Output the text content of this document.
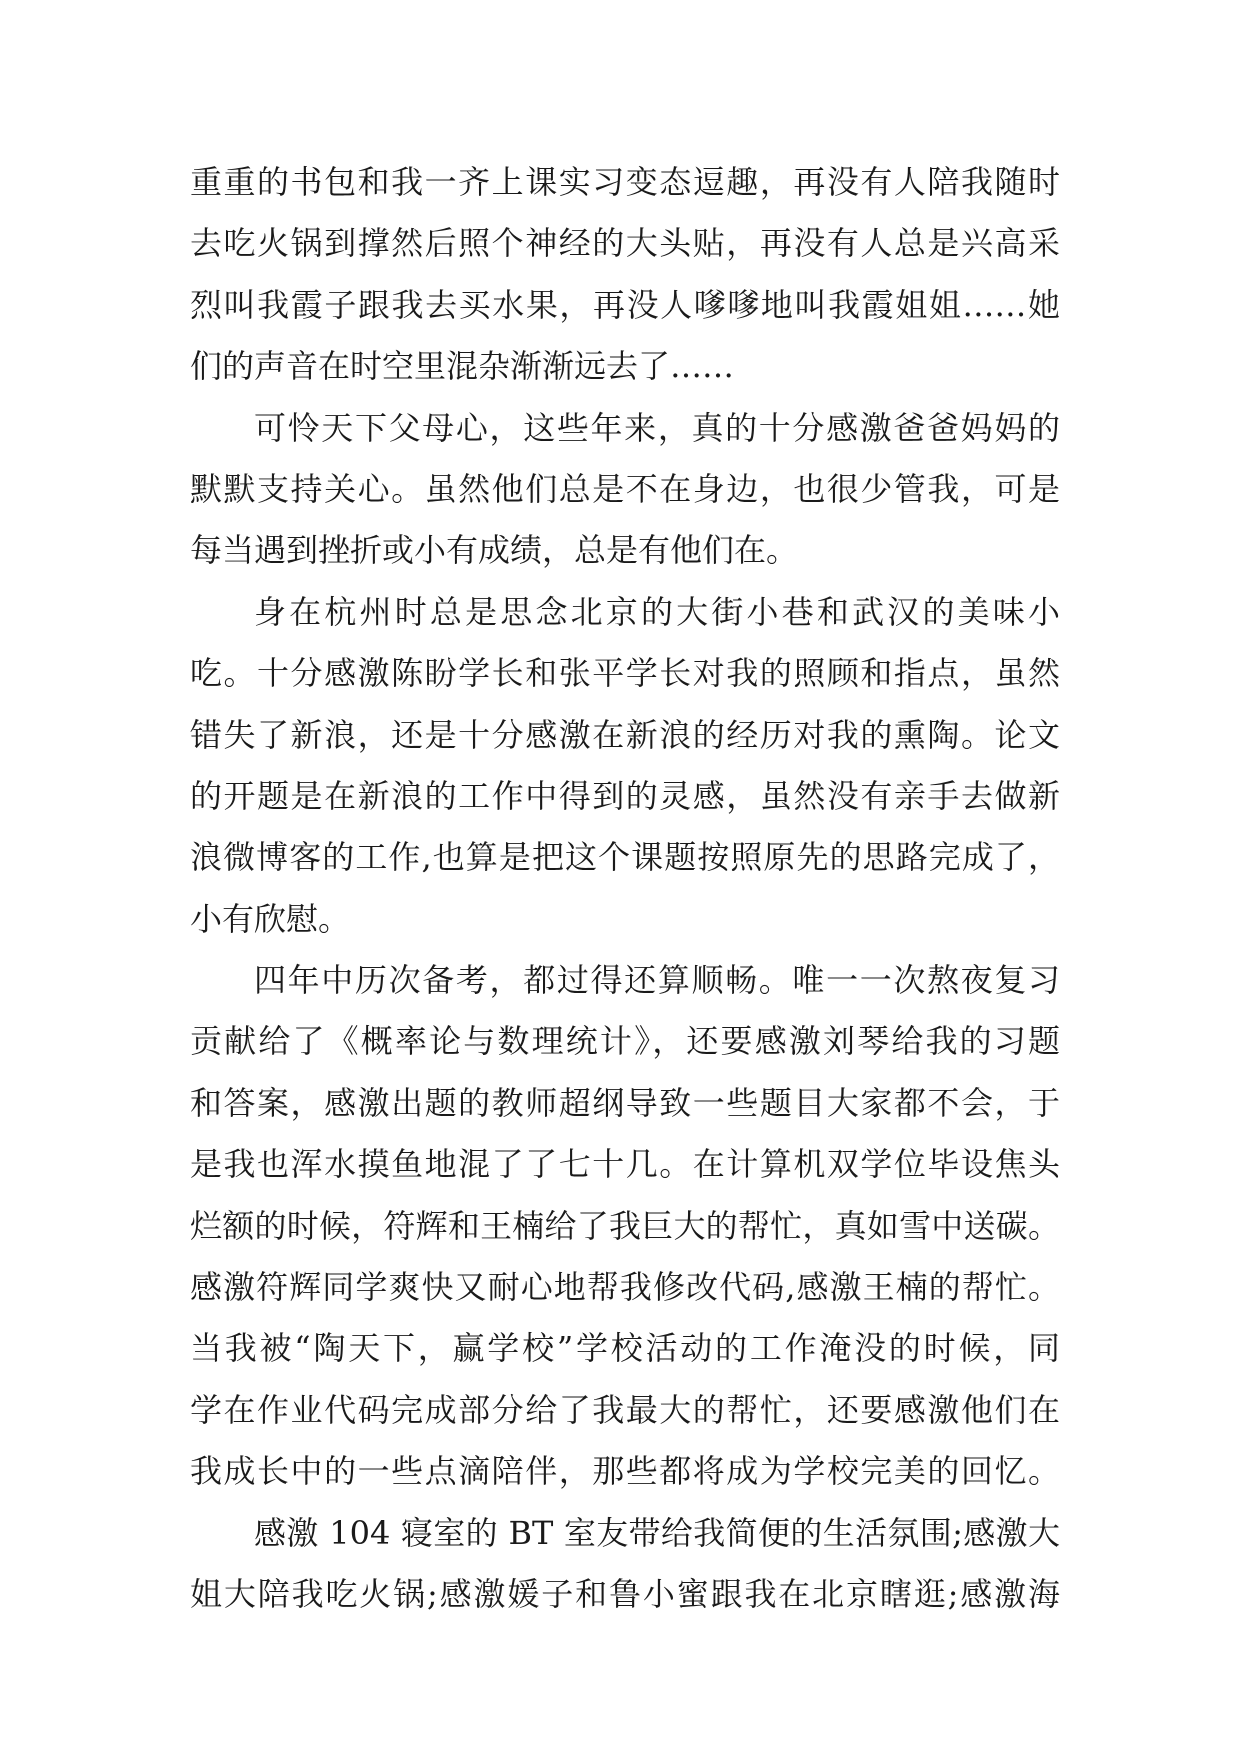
重重的书包和我一齐上课实习变态逗趣，再没有人陪我随时
去吃火锅到撑然后照个神经的大头贴，再没有人总是兴高采
烈叫我霞子跟我去买水果，再没人嗲嗲地叫我霞姐姐……她
们的声音在时空里混杂渐渐远去了……
可怜天下父母心，这些年来，真的十分感激爸爸妈妈的
默默支持关心。虽然他们总是不在身边，也很少管我，可是
每当遇到挫折或小有成绩，总是有他们在。
身在杭州时总是思念北京的大街小巷和武汉的美味小
吃。十分感激陈盼学长和张平学长对我的照顾和指点，虽然
错失了新浪，还是十分感激在新浪的经历对我的熏陶。论文
的开题是在新浪的工作中得到的灵感，虽然没有亲手去做新
浪微博客的工作,也算是把这个课题按照原先的思路完成了，
小有欣慰。
四年中历次备考，都过得还算顺畅。唯一一次熬夜复习
贡献给了《概率论与数理统计》，还要感激刘琴给我的习题
和答案，感激出题的教师超纲导致一些题目大家都不会，于
是我也浑水摸鱼地混了了七十几。在计算机双学位毕设焦头
烂额的时候，符辉和王楠给了我巨大的帮忙，真如雪中送碳。
感激符辉同学爽快又耐心地帮我修改代码,感激王楠的帮忙。
当我被“陶天下，赢学校”学校活动的工作淹没的时候，同
学在作业代码完成部分给了我最大的帮忙，还要感激他们在
我成长中的一些点滴陪伴，那些都将成为学校完美的回忆。
感激 104 寝室的 BT 室友带给我简便的生活氛围;感激大
姐大陪我吃火锅;感激媛子和鲁小蜜跟我在北京瞎逛;感激海
